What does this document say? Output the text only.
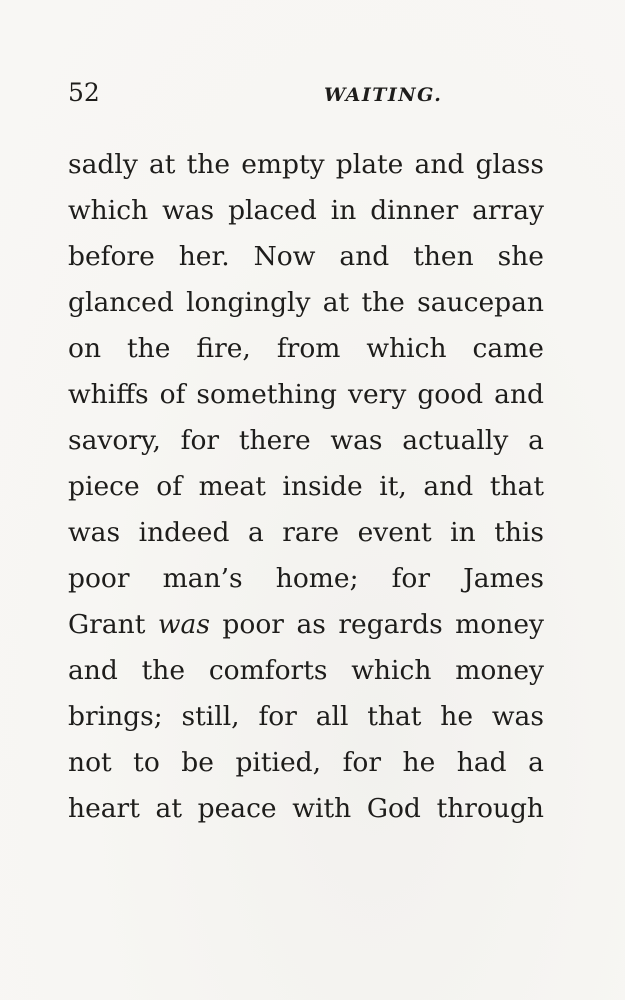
52	WAITING.
sadly at the empty plate and glass
which was placed in dinner array
before her. Now and then she
glanced longingly at the saucepan
on the fire, from which came
whiffs of something very good and
savory, for there was actually a
piece of meat inside it, and that
was indeed a rare event in this
poor man’s home; for James
Grant was poor as regards money
and the comforts which money
brings; still, for all that he was
not to be pitied, for he had a
heart at peace with God through
